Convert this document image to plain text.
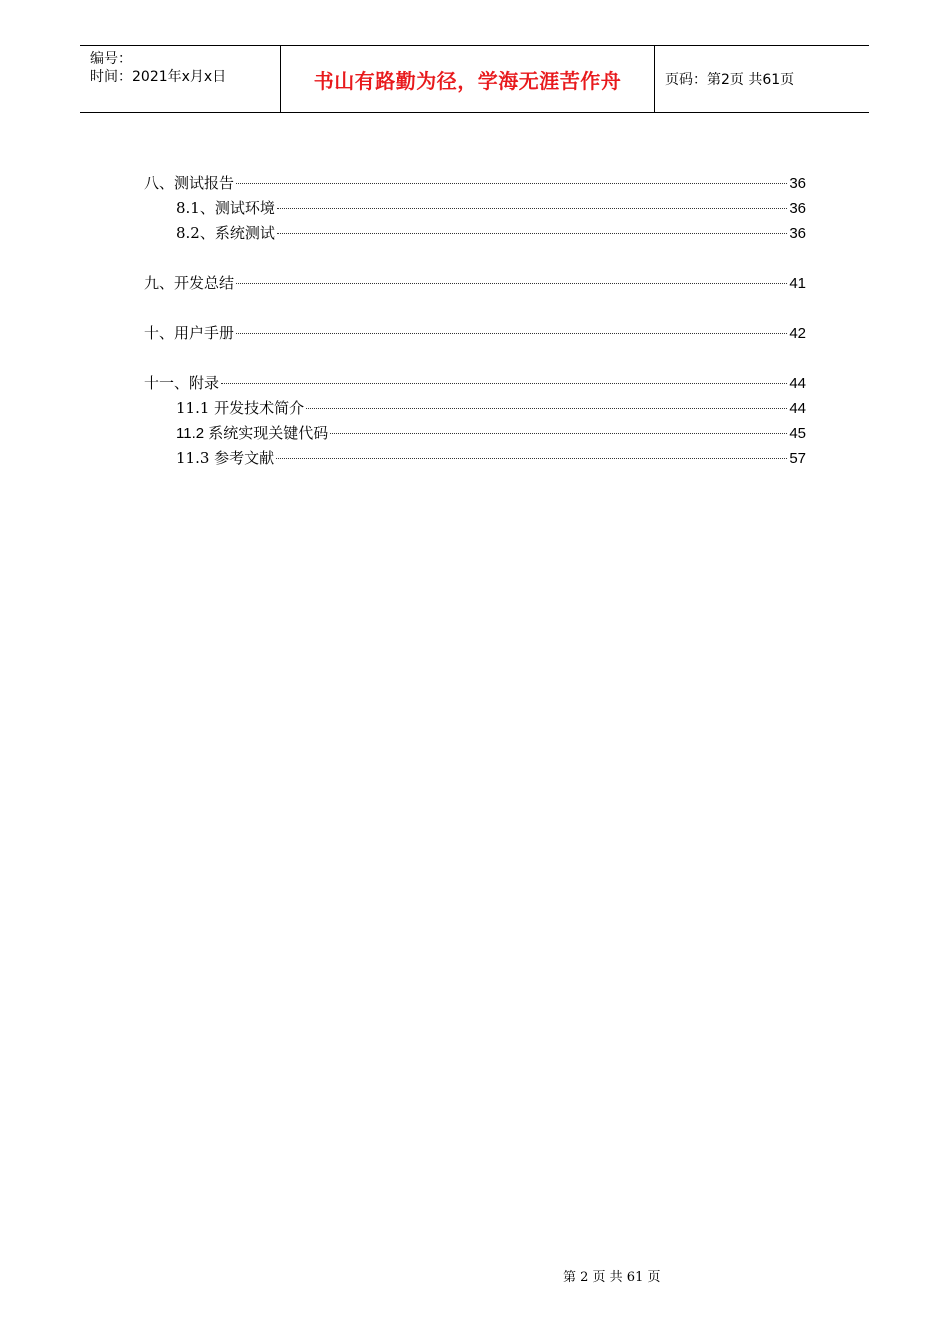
编号：
时间：2021年x月x日	书山有路勤为径，学海无涯苦作舟	页码：第2页 共61页
八、测试报告	36
8.1、测试环境	36
8.2、系统测试	36
九、开发总结	41
十、用户手册	42
十一、附录	44
11.1 开发技术简介	44
11.2 系统实现关键代码	45
11.3 参考文献	57
第 2 页 共 61 页
